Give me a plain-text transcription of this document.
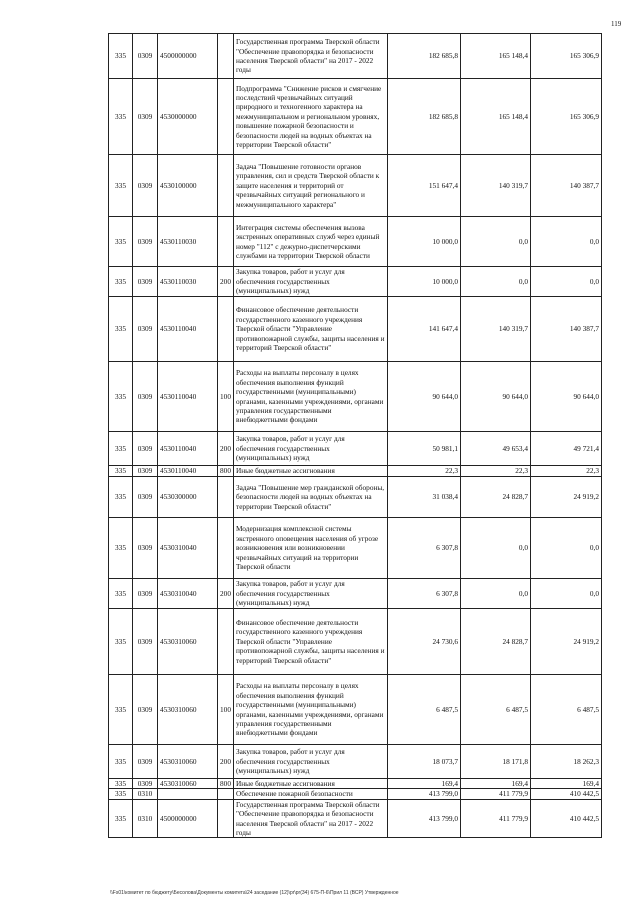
119
335	0309	4500000000		Государственная программа Тверской области "Обеспечение правопорядка и безопасности населения Тверской области" на 2017 - 2022 годы	182 685,8	165 148,4	165 306,9
335	0309	4530000000		Подпрограмма "Снижение рисков и смягчение последствий чрезвычайных ситуаций природного и техногенного характера на межмуниципальном и региональном уровнях, повышение пожарной безопасности и безопасности людей на водных объектах на территории Тверской области"	182 685,8	165 148,4	165 306,9
335	0309	4530100000		Задача "Повышение готовности органов управления, сил и средств Тверской области к защите населения и территорий от чрезвычайных ситуаций регионального и межмуниципального характера"	151 647,4	140 319,7	140 387,7
335	0309	4530110030		Интеграция системы обеспечения вызова экстренных оперативных служб через единый номер "112" с дежурно-диспетчерскими службами на территории Тверской области	10 000,0	0,0	0,0
335	0309	4530110030	200	Закупка товаров, работ и услуг для обеспечения государственных (муниципальных) нужд	10 000,0	0,0	0,0
335	0309	4530110040		Финансовое обеспечение деятельности государственного казенного учреждения Тверской области "Управление противопожарной службы, защиты населения и территорий Тверской области"	141 647,4	140 319,7	140 387,7
335	0309	4530110040	100	Расходы на выплаты персоналу в целях обеспечения выполнения функций государственными (муниципальными) органами, казенными учреждениями, органами управления государственными внебюджетными фондами	90 644,0	90 644,0	90 644,0
335	0309	4530110040	200	Закупка товаров, работ и услуг для обеспечения государственных (муниципальных) нужд	50 981,1	49 653,4	49 721,4
335	0309	4530110040	800	Иные бюджетные ассигнования	22,3	22,3	22,3
335	0309	4530300000		Задача "Повышение мер гражданской обороны, безопасности людей на водных объектах на территории Тверской области"	31 038,4	24 828,7	24 919,2
335	0309	4530310040		Модернизация комплексной системы экстренного оповещения населения об угрозе возникновения или возникновении чрезвычайных ситуаций на территории Тверской области	6 307,8	0,0	0,0
335	0309	4530310040	200	Закупка товаров, работ и услуг для обеспечения государственных (муниципальных) нужд	6 307,8	0,0	0,0
335	0309	4530310060		Финансовое обеспечение деятельности государственного казенного учреждения Тверской области "Управление противопожарной службы, защиты населения и территорий Тверской области"	24 730,6	24 828,7	24 919,2
335	0309	4530310060	100	Расходы на выплаты персоналу в целях обеспечения выполнения функций государственными (муниципальными) органами, казенными учреждениями, органами управления государственными внебюджетными фондами	6 487,5	6 487,5	6 487,5
335	0309	4530310060	200	Закупка товаров, работ и услуг для обеспечения государственных (муниципальных) нужд	18 073,7	18 171,8	18 262,3
335	0309	4530310060	800	Иные бюджетные ассигнования	169,4	169,4	169,4
335	0310			Обеспечение пожарной безопасности	413 799,0	411 779,9	410 442,5
335	0310	4500000000		Государственная программа Тверской области "Обеспечение правопорядка и безопасности населения Тверской области" на 2017 - 2022 годы	413 799,0	411 779,9	410 442,5
\\Fs01\комитет по бюджету\Бесолова\Документы комитета\24 заседание (12)\pr\pr(34) 675-П-6\Прил 11 (ВСР) Утвержденное
